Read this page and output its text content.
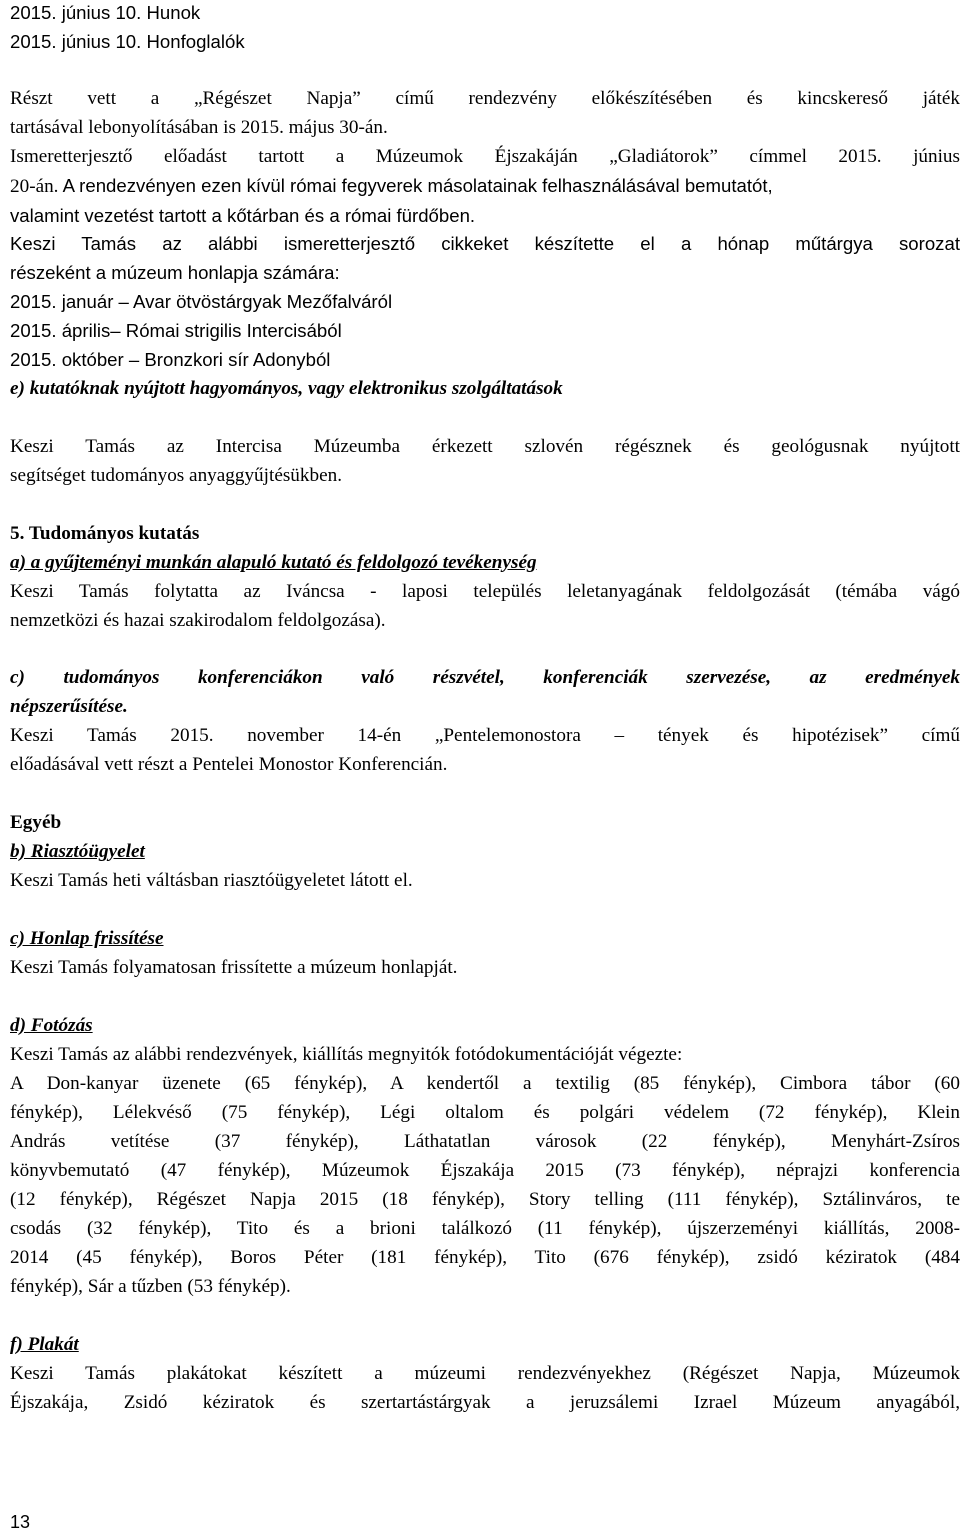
2015. június 10. Hunok
2015. június 10. Honfoglalók
Részt vett a „Régészet Napja” című rendezvény előkészítésében és kincskereső játék
tartásával lebonyolításában is 2015. május 30-án.
Ismeretterjesztő előadást tartott a Múzeumok Éjszakáján „Gladiátorok” címmel 2015. június
20-án. A rendezvényen ezen kívül római fegyverek másolatainak felhasználásával bemutatót,
valamint vezetést tartott a kőtárban és a római fürdőben.
Keszi Tamás az alábbi ismeretterjesztő cikkeket készítette el a hónap műtárgya sorozat
részeként a múzeum honlapja számára:
2015. január – Avar ötvöstárgyak Mezőfalváról
2015. április– Római strigilis Intercisából
2015. október – Bronzkori sír Adonyból
e) kutatóknak nyújtott hagyományos, vagy elektronikus szolgáltatások
Keszi Tamás az Intercisa Múzeumba érkezett szlovén régésznek és geológusnak nyújtott
segítséget tudományos anyaggyűjtésükben.
5. Tudományos kutatás
a) a gyűjteményi munkán alapuló kutató és feldolgozó tevékenység
Keszi Tamás folytatta az Iváncsa - laposi település leletanyagának feldolgozását (témába vágó
nemzetközi és hazai szakirodalom feldolgozása).
c) tudományos konferenciákon való részvétel, konferenciák szervezése, az eredmények
népszerűsítése.
Keszi Tamás 2015. november 14-én „Pentelemonostora – tények és hipotézisek” című
előadásával vett részt a Pentelei Monostor Konferencián.
Egyéb
b) Riasztóügyelet
Keszi Tamás heti váltásban riasztóügyeletet látott el.
c) Honlap frissítése
Keszi Tamás folyamatosan frissítette a múzeum honlapját.
d) Fotózás
Keszi Tamás az alábbi rendezvények, kiállítás megnyitók fotódokumentációját végezte:
A Don-kanyar üzenete (65 fénykép), A kendertől a textilig (85 fénykép), Cimbora tábor (60
fénykép), Lélekvéső (75 fénykép), Légi oltalom és polgári védelem (72 fénykép), Klein
András vetítése (37 fénykép), Láthatatlan városok (22 fénykép), Menyhárt-Zsíros
könyvbemutató (47 fénykép), Múzeumok Éjszakája 2015 (73 fénykép), néprajzi konferencia
(12 fénykép), Régészet Napja 2015 (18 fénykép), Story telling (111 fénykép), Sztálinváros, te
csodás (32 fénykép), Tito és a brioni találkozó (11 fénykép), újszerzeményi kiállítás, 2008-
2014 (45 fénykép), Boros Péter (181 fénykép), Tito (676 fénykép), zsidó kéziratok (484
fénykép), Sár a tűzben (53 fénykép).
f) Plakát
Keszi Tamás plakátokat készített a múzeumi rendezvényekhez (Régészet Napja, Múzeumok
Éjszakája, Zsidó kéziratok és szertartástárgyak a jeruzsálemi Izrael Múzeum anyagából,
13
